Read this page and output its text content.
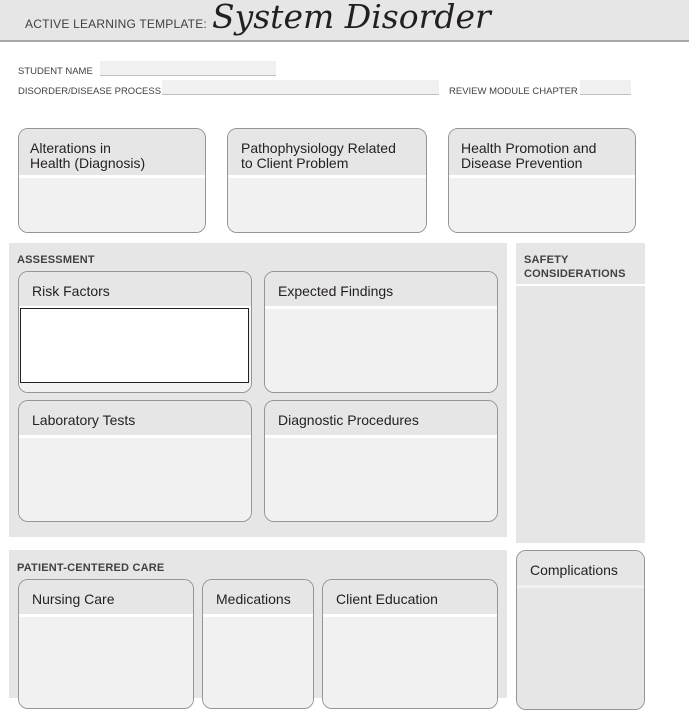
ACTIVE LEARNING TEMPLATE: System Disorder
STUDENT NAME
DISORDER/DISEASE PROCESS	REVIEW MODULE CHAPTER
Alterations in
Health (Diagnosis)
Pathophysiology Related
to Client Problem
Health Promotion and
Disease Prevention
ASSESSMENT
Risk Factors	Expected Findings
Laboratory Tests	Diagnostic Procedures
SAFETY
CONSIDERATIONS
PATIENT-CENTERED CARE
Nursing Care	Medications	Client Education
Complications
